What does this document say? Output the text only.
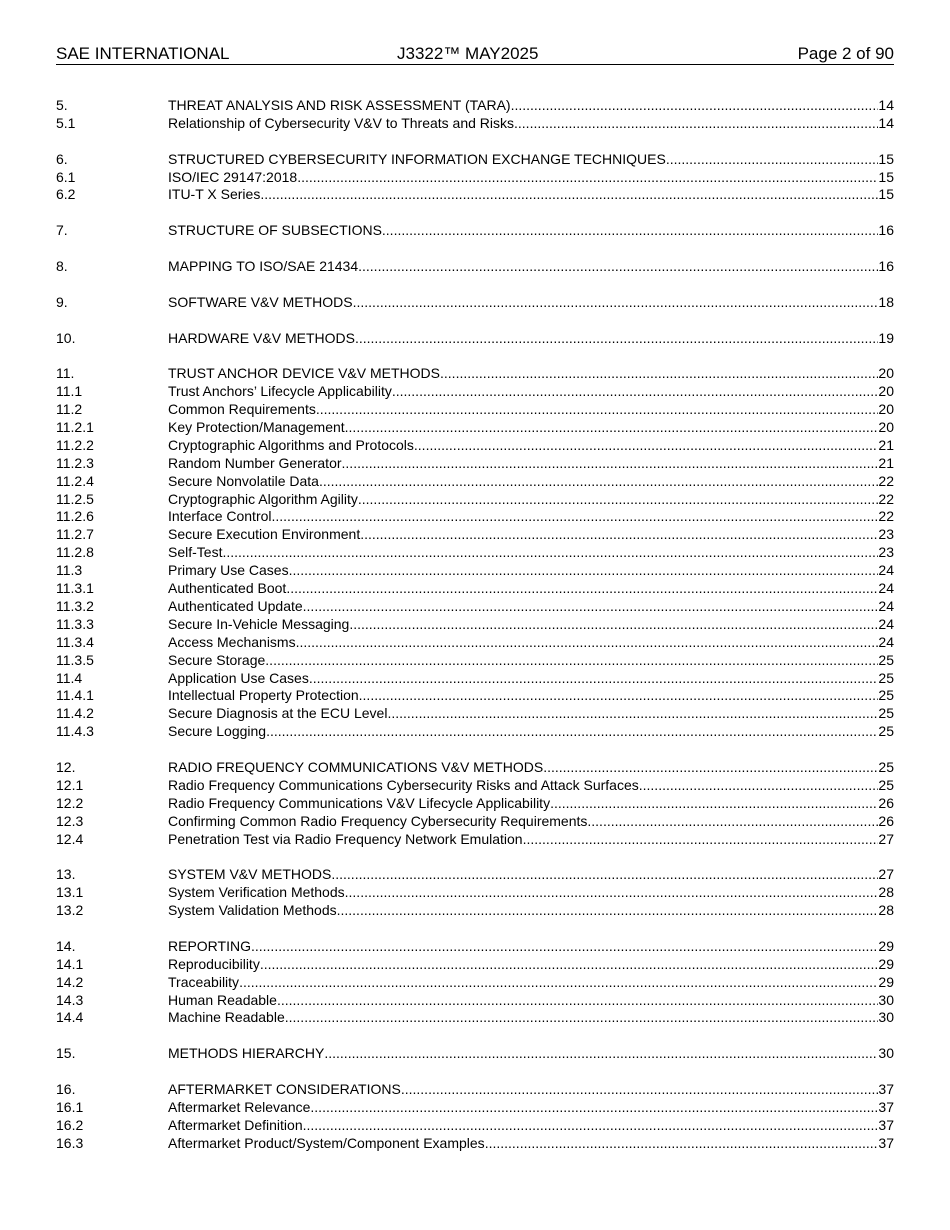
SAE INTERNATIONAL	J3322™ MAY2025	Page 2 of 90
5.	THREAT ANALYSIS AND RISK ASSESSMENT (TARA) .....	14
5.1	Relationship of Cybersecurity V&V to Threats and Risks .....	14
6.	STRUCTURED CYBERSECURITY INFORMATION EXCHANGE TECHNIQUES .....	15
6.1	ISO/IEC 29147:2018 .....	15
6.2	ITU-T X Series .....	15
7.	STRUCTURE OF SUBSECTIONS .....	16
8.	MAPPING TO ISO/SAE 21434 .....	16
9.	SOFTWARE V&V METHODS .....	18
10.	HARDWARE V&V METHODS .....	19
11.	TRUST ANCHOR DEVICE V&V METHODS .....	20
11.1	Trust Anchors’ Lifecycle Applicability .....	20
11.2	Common Requirements .....	20
11.2.1	Key Protection/Management .....	20
11.2.2	Cryptographic Algorithms and Protocols .....	21
11.2.3	Random Number Generator .....	21
11.2.4	Secure Nonvolatile Data .....	22
11.2.5	Cryptographic Algorithm Agility .....	22
11.2.6	Interface Control .....	22
11.2.7	Secure Execution Environment .....	23
11.2.8	Self-Test .....	23
11.3	Primary Use Cases .....	24
11.3.1	Authenticated Boot .....	24
11.3.2	Authenticated Update .....	24
11.3.3	Secure In-Vehicle Messaging .....	24
11.3.4	Access Mechanisms .....	24
11.3.5	Secure Storage .....	25
11.4	Application Use Cases .....	25
11.4.1	Intellectual Property Protection .....	25
11.4.2	Secure Diagnosis at the ECU Level .....	25
11.4.3	Secure Logging .....	25
12.	RADIO FREQUENCY COMMUNICATIONS V&V METHODS .....	25
12.1	Radio Frequency Communications Cybersecurity Risks and Attack Surfaces .....	25
12.2	Radio Frequency Communications V&V Lifecycle Applicability .....	26
12.3	Confirming Common Radio Frequency Cybersecurity Requirements .....	26
12.4	Penetration Test via Radio Frequency Network Emulation .....	27
13.	SYSTEM V&V METHODS .....	27
13.1	System Verification Methods .....	28
13.2	System Validation Methods .....	28
14.	REPORTING .....	29
14.1	Reproducibility .....	29
14.2	Traceability .....	29
14.3	Human Readable .....	30
14.4	Machine Readable .....	30
15.	METHODS HIERARCHY .....	30
16.	AFTERMARKET CONSIDERATIONS .....	37
16.1	Aftermarket Relevance .....	37
16.2	Aftermarket Definition .....	37
16.3	Aftermarket Product/System/Component Examples .....	37
